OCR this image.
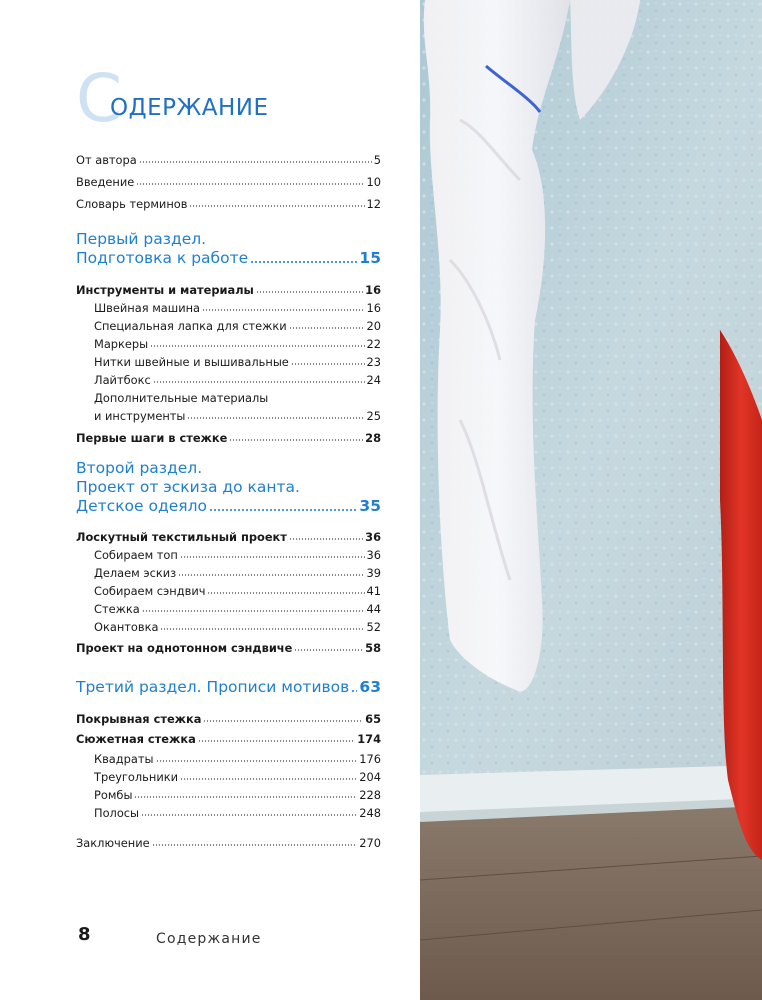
С
ОДЕРЖАНИЕ
От автора	5
Введение	10
Словарь терминов	12
Первый раздел.
Подготовка к работе	15
Инструменты и материалы	16
Швейная машина	16
Специальная лапка для стежки	20
Маркеры	22
Нитки швейные и вышивальные	23
Лайтбокс	24
Дополнительные материалы
и инструменты	25
Первые шаги в стежке	28
Второй раздел.
Проект от эскиза до канта.
Детское одеяло	35
Лоскутный текстильный проект	36
Собираем топ	36
Делаем эскиз	39
Собираем сэндвич	41
Стежка	44
Окантовка	52
Проект на однотонном сэндвиче	58
Третий раздел. Прописи мотивов 63
Покрывная стежка	65
Сюжетная стежка	174
Квадраты	176
Треугольники	204
Ромбы	228
Полосы	248
Заключение	270
8	Содержание
